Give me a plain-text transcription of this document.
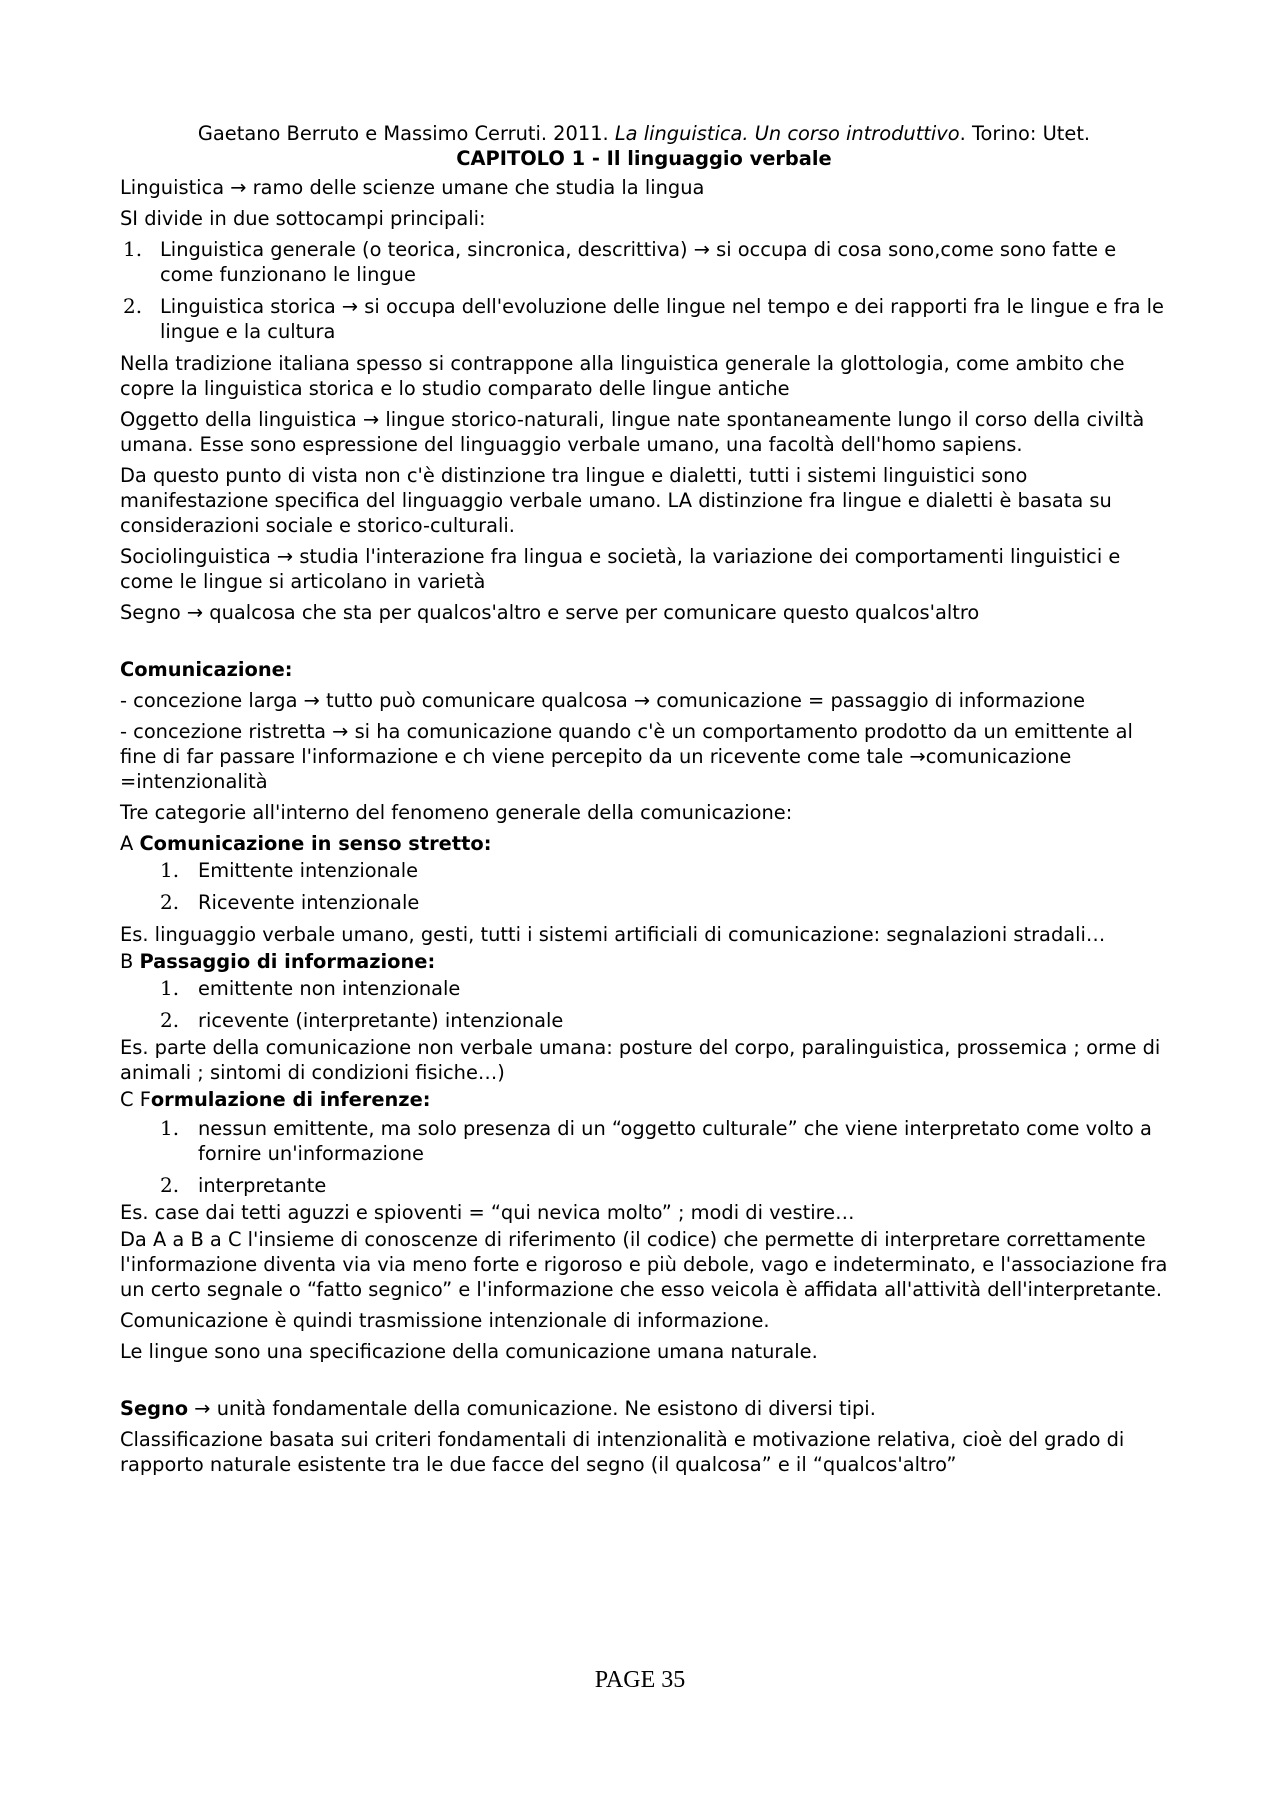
Gaetano Berruto e Massimo Cerruti. 2011. La linguistica. Un corso introduttivo. Torino: Utet.

CAPITOLO 1 - Il linguaggio verbale

Linguistica → ramo delle scienze umane che studia la lingua

SI divide in due sottocampi principali:

1. Linguistica generale (o teorica, sincronica, descrittiva) → si occupa di cosa sono,come sono fatte e come funzionano le lingue
2. Linguistica storica → si occupa dell'evoluzione delle lingue nel tempo e dei rapporti fra le lingue e fra le lingue e la cultura

Nella tradizione italiana spesso si contrappone alla linguistica generale la glottologia, come ambito che copre la linguistica storica e lo studio comparato delle lingue antiche

Oggetto della linguistica → lingue storico-naturali, lingue nate spontaneamente lungo il corso della civiltà umana. Esse sono espressione del linguaggio verbale umano, una facoltà dell'homo sapiens.

Da questo punto di vista non c'è distinzione tra lingue e dialetti, tutti i sistemi linguistici sono manifestazione specifica del linguaggio verbale umano. LA distinzione fra lingue e dialetti è basata su considerazioni sociale e storico-culturali.

Sociolinguistica → studia l'interazione fra lingua e società, la variazione dei comportamenti linguistici e come le lingue si articolano in varietà

Segno → qualcosa che sta per qualcos'altro e serve per comunicare questo qualcos'altro

Comunicazione:

- concezione larga → tutto può comunicare qualcosa → comunicazione = passaggio di informazione

- concezione ristretta → si ha comunicazione quando c'è un comportamento prodotto da un emittente al fine di far passare l'informazione e ch viene percepito da un ricevente come tale →comunicazione =intenzionalità

Tre categorie all'interno del fenomeno generale della comunicazione:

A Comunicazione in senso stretto:

1. Emittente intenzionale
2. Ricevente intenzionale

Es. linguaggio verbale umano, gesti, tutti i sistemi artificiali di comunicazione: segnalazioni stradali…

B Passaggio di informazione:

1. emittente non intenzionale
2. ricevente (interpretante) intenzionale

Es. parte della comunicazione non verbale umana: posture del corpo, paralinguistica, prossemica ; orme di animali ; sintomi di condizioni fisiche…)

C Formulazione di inferenze:

1. nessun emittente, ma solo presenza di un “oggetto culturale” che viene interpretato come volto a fornire un'informazione
2. interpretante

Es. case dai tetti aguzzi e spioventi = “qui nevica molto” ; modi di vestire…

Da A a B a C l'insieme di conoscenze di riferimento (il codice) che permette di interpretare correttamente l'informazione diventa via via meno forte e rigoroso e più debole, vago e indeterminato, e l'associazione fra un certo segnale o “fatto segnico” e l'informazione che esso veicola è affidata all'attività dell'interpretante.

Comunicazione è quindi trasmissione intenzionale di informazione.

Le lingue sono una specificazione della comunicazione umana naturale.

Segno → unità fondamentale della comunicazione. Ne esistono di diversi tipi.

Classificazione basata sui criteri fondamentali di intenzionalità e motivazione relativa, cioè del grado di rapporto naturale esistente tra le due facce del segno (il qualcosa” e il “qualcos'altro”

PAGE 35
